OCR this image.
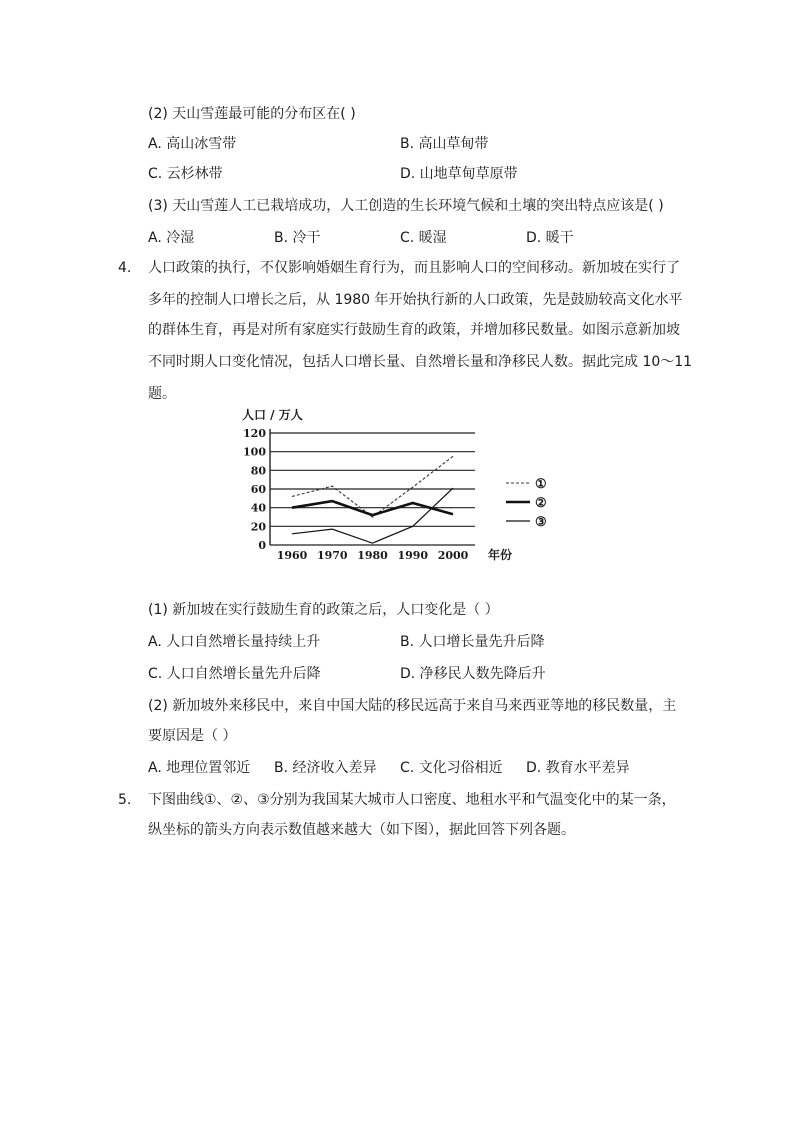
(2) 天山雪莲最可能的分布区在( )
A. 高山冰雪带	B. 高山草甸带
C. 云杉林带	D. 山地草甸草原带
(3) 天山雪莲人工已栽培成功，人工创造的生长环境气候和土壤的突出特点应该是( )
A. 冷湿	B. 冷干	C. 暖湿	D. 暖干
4. 人口政策的执行，不仅影响婚姻生育行为，而且影响人口的空间移动。新加坡在实行了
多年的控制人口增长之后，从 1980 年开始执行新的人口政策，先是鼓励较高文化水平
的群体生育，再是对所有家庭实行鼓励生育的政策，并增加移民数量。如图示意新加坡
不同时期人口变化情况，包括人口增长量、自然增长量和净移民人数。据此完成 10～11
题。
人口 / 万人
年份
0
20
40
60
80
100
120
1960 1970 1980 1990 2000
①
②
③
(1) 新加坡在实行鼓励生育的政策之后，人口变化是（ ）
A. 人口自然增长量持续上升	B. 人口增长量先升后降
C. 人口自然增长量先升后降	D. 净移民人数先降后升
(2) 新加坡外来移民中，来自中国大陆的移民远高于来自马来西亚等地的移民数量，主
要原因是（ ）
A. 地理位置邻近 B. 经济收入差异 C. 文化习俗相近 D. 教育水平差异
5. 下图曲线①、②、③分别为我国某大城市人口密度、地租水平和气温变化中的某一条，
纵坐标的箭头方向表示数值越来越大（如下图），据此回答下列各题。
